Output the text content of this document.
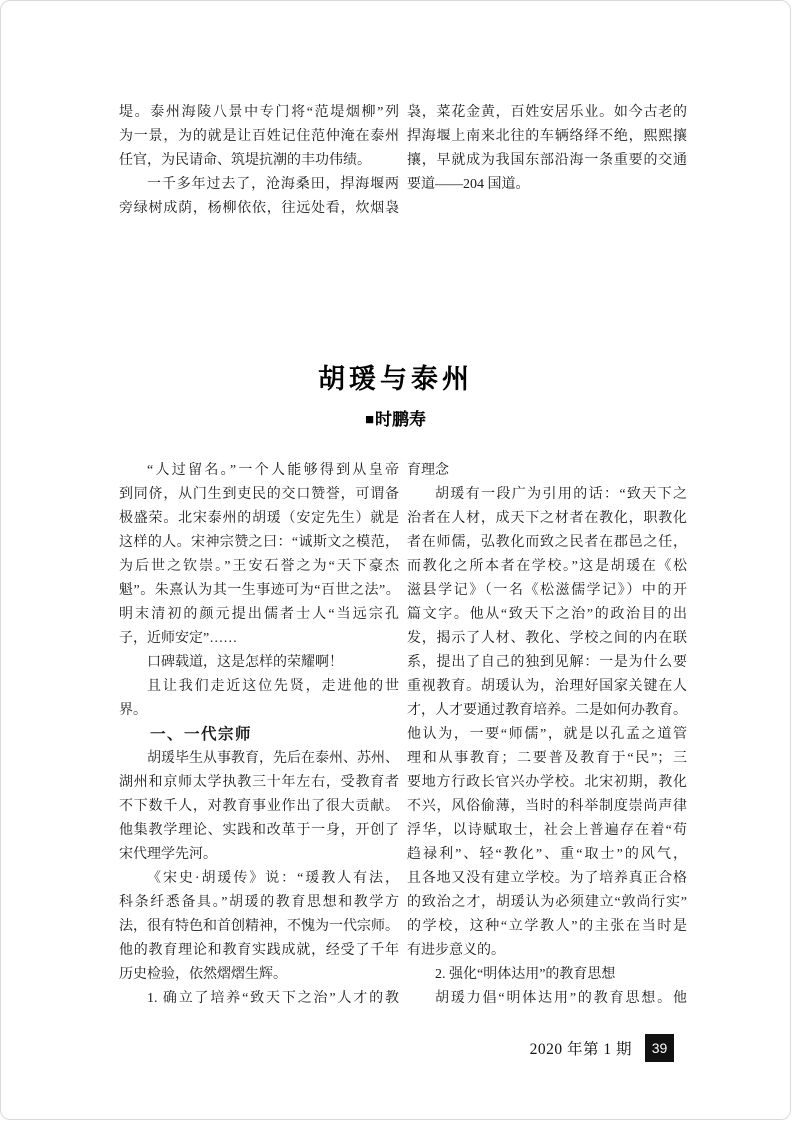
堤。泰州海陵八景中专门将“范堤烟柳”列
为一景，为的就是让百姓记住范仲淹在泰州
任官，为民请命、筑堤抗潮的丰功伟绩。
一千多年过去了，沧海桑田，捍海堰两
旁绿树成荫，杨柳依依，往远处看，炊烟袅
袅，菜花金黄，百姓安居乐业。如今古老的
捍海堰上南来北往的车辆络绎不绝，熙熙攘
攘，早就成为我国东部沿海一条重要的交通
要道——204 国道。
胡瑗与泰州
■时鹏寿
“人过留名。”一个人能够得到从皇帝
到同侪，从门生到吏民的交口赞誉，可谓备
极盛荣。北宋泰州的胡瑗（安定先生）就是
这样的人。宋神宗赞之曰：“诚斯文之模范，
为后世之钦崇。”王安石誉之为“天下豪杰
魁”。朱熹认为其一生事迹可为“百世之法”。
明末清初的颜元提出儒者士人“当远宗孔
子，近师安定”……
口碑载道，这是怎样的荣耀啊！
且让我们走近这位先贤，走进他的世
界。
一、一代宗师
胡瑗毕生从事教育，先后在泰州、苏州、
湖州和京师太学执教三十年左右，受教育者
不下数千人，对教育事业作出了很大贡献。
他集教学理论、实践和改革于一身，开创了
宋代理学先河。
《宋史·胡瑗传》说：“瑗教人有法，
科条纤悉备具。”胡瑗的教育思想和教学方
法，很有特色和首创精神，不愧为一代宗师。
他的教育理论和教育实践成就，经受了千年
历史检验，依然熠熠生辉。
1. 确立了培养“致天下之治”人才的教
育理念
胡瑗有一段广为引用的话：“致天下之
治者在人材，成天下之材者在教化，职教化
者在师儒，弘教化而致之民者在郡邑之任，
而教化之所本者在学校。”这是胡瑗在《松
滋县学记》（一名《松滋儒学记》）中的开
篇文字。他从“致天下之治”的政治目的出
发，揭示了人材、教化、学校之间的内在联
系，提出了自己的独到见解：一是为什么要
重视教育。胡瑗认为，治理好国家关键在人
才，人才要通过教育培养。二是如何办教育。
他认为，一要“师儒”，就是以孔孟之道管
理和从事教育；二要普及教育于“民”；三
要地方行政长官兴办学校。北宋初期，教化
不兴，风俗偷薄，当时的科举制度崇尚声律
浮华，以诗赋取士，社会上普遍存在着“苟
趋禄利”、轻“教化”、重“取士”的风气，
且各地又没有建立学校。为了培养真正合格
的致治之才，胡瑗认为必须建立“敦尚行实”
的学校，这种“立学教人”的主张在当时是
有进步意义的。
2. 强化“明体达用”的教育思想
胡瑗力倡“明体达用”的教育思想。他
2020 年第 1 期	39
